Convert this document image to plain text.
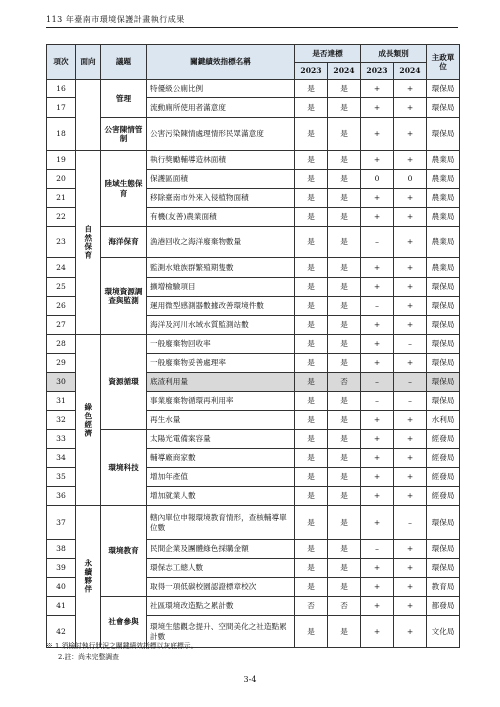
113 年臺南市環境保護計畫執行成果
項次	面向	議題	關鍵績效指標名稱	是否達標		成長類別		主政單位
				2023	2024	2023	2024	
16		管理	特優級公廁比例	是	是	+	+	環保局
17			流動廁所使用者滿意度	是	是	+	+	環保局
18		公害陳情管制	公害污染陳情處理情形民眾滿意度	是	是	+	+	環保局
19	自然保育	陸域生態保育	執行獎勵輔導造林面積	是	是	+	+	農業局
20			保護區面積	是	是	0	0	農業局
21			移除臺南市外來入侵植物面積	是	是	+	+	農業局
22			有機(友善)農業面積	是	是	+	+	農業局
23		海洋保育	漁港回收之海洋廢棄物數量	是	是	–	+	農業局
24		環境資源調查與監測	監測水雉族群繁殖期隻數	是	是	+	+	農業局
25			擴增檢驗項目	是	是	+	+	環保局
26			運用微型感測器數據改善環境件數	是	是	–	+	環保局
27			海洋及河川水域水質監測站數	是	是	+	+	環保局
28	綠色經濟	資源循環	一般廢棄物回收率	是	是	+	–	環保局
29			一般廢棄物妥善處理率	是	是	+	+	環保局
30			底渣利用量	是	否	–	–	環保局
31			事業廢棄物循環再利用率	是	是	–	–	環保局
32			再生水量	是	是	+	+	水利局
33		環境科技	太陽光電備案容量	是	是	+	+	經發局
34			輔導廠商家數	是	是	+	+	經發局
35			增加年產值	是	是	+	+	經發局
36			增加就業人數	是	是	+	+	經發局
37	永續夥伴	環境教育	轄內單位申報環境教育情形，查核輔導單位數	是	是	+	–	環保局
38			民間企業及團體綠色採購金額	是	是	–	+	環保局
39			環保志工總人數	是	是	+	+	環保局
40			取得一項低碳校園認證標章校次	是	是	+	+	教育局
41		社會參與	社區環境改造點之累計數	否	否	+	+	都發局
42			環境生態觀念提升、空間美化之社造點累計數	是	是	+	+	文化局
※ 1.須檢討執行狀況之關鍵績效指標以灰底標示。
2.註：尚未完整調查
3-4
